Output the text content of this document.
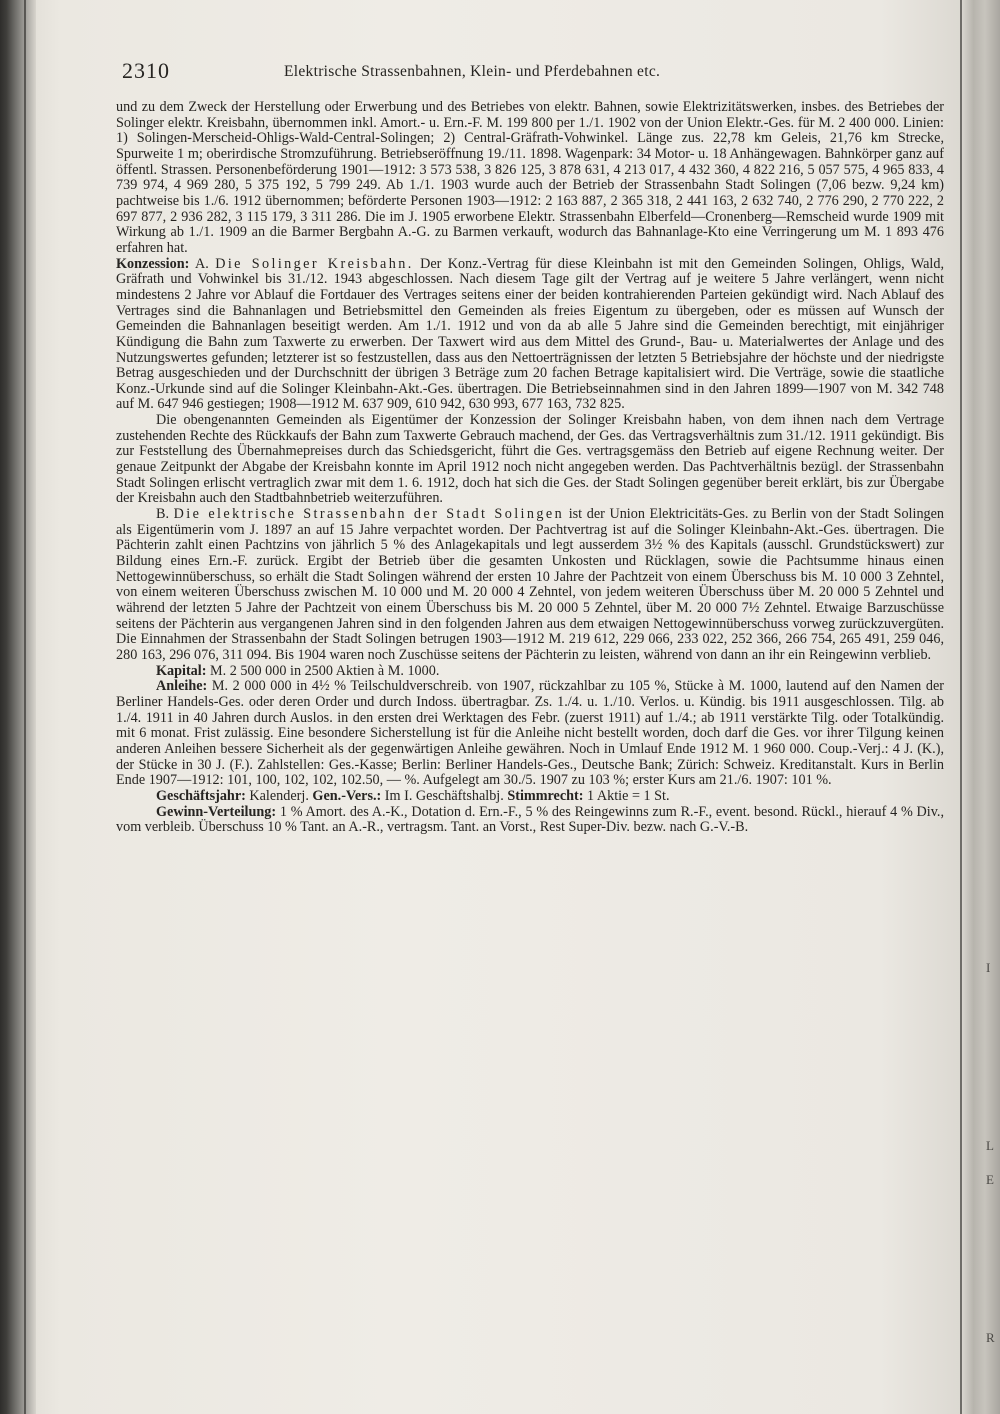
I
L
E
R
2310	Elektrische Strassenbahnen, Klein- und Pferdebahnen etc.

und zu dem Zweck der Herstellung oder Erwerbung und des Betriebes von elektr. Bahnen, sowie Elektrizitätswerken, insbes. des Betriebes der Solinger elektr. Kreisbahn, übernommen inkl. Amort.- u. Ern.-F. M. 199 800 per 1./1. 1902 von der Union Elektr.-Ges. für M. 2 400 000. Linien: 1) Solingen-Merscheid-Ohligs-Wald-Central-Solingen; 2) Central-Gräfrath-Vohwinkel. Länge zus. 22,78 km Geleis, 21,76 km Strecke, Spurweite 1 m; oberirdische Stromzuführung. Betriebseröffnung 19./11. 1898. Wagenpark: 34 Motor- u. 18 Anhängewagen. Bahnkörper ganz auf öffentl. Strassen. Personenbeförderung 1901—1912: 3 573 538, 3 826 125, 3 878 631, 4 213 017, 4 432 360, 4 822 216, 5 057 575, 4 965 833, 4 739 974, 4 969 280, 5 375 192, 5 799 249. Ab 1./1. 1903 wurde auch der Betrieb der Strassenbahn Stadt Solingen (7,06 bezw. 9,24 km) pachtweise bis 1./6. 1912 übernommen; beförderte Personen 1903—1912: 2 163 887, 2 365 318, 2 441 163, 2 632 740, 2 776 290, 2 770 222, 2 697 877, 2 936 282, 3 115 179, 3 311 286. Die im J. 1905 erworbene Elektr. Strassenbahn Elberfeld—Cronenberg—Remscheid wurde 1909 mit Wirkung ab 1./1. 1909 an die Barmer Bergbahn A.-G. zu Barmen verkauft, wodurch das Bahnanlage-Kto eine Verringerung um M. 1 893 476 erfahren hat.

Konzession: A. Die Solinger Kreisbahn. Der Konz.-Vertrag für diese Kleinbahn ist mit den Gemeinden Solingen, Ohligs, Wald, Gräfrath und Vohwinkel bis 31./12. 1943 abgeschlossen. Nach diesem Tage gilt der Vertrag auf je weitere 5 Jahre verlängert, wenn nicht mindestens 2 Jahre vor Ablauf die Fortdauer des Vertrages seitens einer der beiden kontrahierenden Parteien gekündigt wird. Nach Ablauf des Vertrages sind die Bahnanlagen und Betriebsmittel den Gemeinden als freies Eigentum zu übergeben, oder es müssen auf Wunsch der Gemeinden die Bahnanlagen beseitigt werden. Am 1./1. 1912 und von da ab alle 5 Jahre sind die Gemeinden berechtigt, mit einjähriger Kündigung die Bahn zum Taxwerte zu erwerben. Der Taxwert wird aus dem Mittel des Grund-, Bau- u. Materialwertes der Anlage und des Nutzungswertes gefunden; letzterer ist so festzustellen, dass aus den Nettoerträgnissen der letzten 5 Betriebsjahre der höchste und der niedrigste Betrag ausgeschieden und der Durchschnitt der übrigen 3 Beträge zum 20 fachen Betrage kapitalisiert wird. Die Verträge, sowie die staatliche Konz.-Urkunde sind auf die Solinger Kleinbahn-Akt.-Ges. übertragen. Die Betriebseinnahmen sind in den Jahren 1899—1907 von M. 342 748 auf M. 647 946 gestiegen; 1908—1912 M. 637 909, 610 942, 630 993, 677 163, 732 825.

Die obengenannten Gemeinden als Eigentümer der Konzession der Solinger Kreisbahn haben, von dem ihnen nach dem Vertrage zustehenden Rechte des Rückkaufs der Bahn zum Taxwerte Gebrauch machend, der Ges. das Vertragsverhältnis zum 31./12. 1911 gekündigt. Bis zur Feststellung des Übernahmepreises durch das Schiedsgericht, führt die Ges. vertragsgemäss den Betrieb auf eigene Rechnung weiter. Der genaue Zeitpunkt der Abgabe der Kreisbahn konnte im April 1912 noch nicht angegeben werden. Das Pachtverhältnis bezügl. der Strassenbahn Stadt Solingen erlischt vertraglich zwar mit dem 1. 6. 1912, doch hat sich die Ges. der Stadt Solingen gegenüber bereit erklärt, bis zur Übergabe der Kreisbahn auch den Stadtbahnbetrieb weiterzuführen.

B. Die elektrische Strassenbahn der Stadt Solingen ist der Union Elektricitäts-Ges. zu Berlin von der Stadt Solingen als Eigentümerin vom J. 1897 an auf 15 Jahre verpachtet worden. Der Pachtvertrag ist auf die Solinger Kleinbahn-Akt.-Ges. übertragen. Die Pächterin zahlt einen Pachtzins von jährlich 5 % des Anlagekapitals und legt ausserdem 3½ % des Kapitals (ausschl. Grundstückswert) zur Bildung eines Ern.-F. zurück. Ergibt der Betrieb über die gesamten Unkosten und Rücklagen, sowie die Pachtsumme hinaus einen Nettogewinnüberschuss, so erhält die Stadt Solingen während der ersten 10 Jahre der Pachtzeit von einem Überschuss bis M. 10 000 3 Zehntel, von einem weiteren Überschuss zwischen M. 10 000 und M. 20 000 4 Zehntel, von jedem weiteren Überschuss über M. 20 000 5 Zehntel und während der letzten 5 Jahre der Pachtzeit von einem Überschuss bis M. 20 000 5 Zehntel, über M. 20 000 7½ Zehntel. Etwaige Barzuschüsse seitens der Pächterin aus vergangenen Jahren sind in den folgenden Jahren aus dem etwaigen Nettogewinnüberschuss vorweg zurückzuvergüten. Die Einnahmen der Strassenbahn der Stadt Solingen betrugen 1903—1912 M. 219 612, 229 066, 233 022, 252 366, 266 754, 265 491, 259 046, 280 163, 296 076, 311 094. Bis 1904 waren noch Zuschüsse seitens der Pächterin zu leisten, während von dann an ihr ein Reingewinn verblieb.

Kapital: M. 2 500 000 in 2500 Aktien à M. 1000.

Anleihe: M. 2 000 000 in 4½ % Teilschuldverschreib. von 1907, rückzahlbar zu 105 %, Stücke à M. 1000, lautend auf den Namen der Berliner Handels-Ges. oder deren Order und durch Indoss. übertragbar. Zs. 1./4. u. 1./10. Verlos. u. Kündig. bis 1911 ausgeschlossen. Tilg. ab 1./4. 1911 in 40 Jahren durch Auslos. in den ersten drei Werktagen des Febr. (zuerst 1911) auf 1./4.; ab 1911 verstärkte Tilg. oder Totalkündig. mit 6 monat. Frist zulässig. Eine besondere Sicherstellung ist für die Anleihe nicht bestellt worden, doch darf die Ges. vor ihrer Tilgung keinen anderen Anleihen bessere Sicherheit als der gegenwärtigen Anleihe gewähren. Noch in Umlauf Ende 1912 M. 1 960 000. Coup.-Verj.: 4 J. (K.), der Stücke in 30 J. (F.). Zahlstellen: Ges.-Kasse; Berlin: Berliner Handels-Ges., Deutsche Bank; Zürich: Schweiz. Kreditanstalt. Kurs in Berlin Ende 1907—1912: 101, 100, 102, 102, 102.50, — %. Aufgelegt am 30./5. 1907 zu 103 %; erster Kurs am 21./6. 1907: 101 %.

Geschäftsjahr: Kalenderj. Gen.-Vers.: Im I. Geschäftshalbj. Stimmrecht: 1 Aktie = 1 St.

Gewinn-Verteilung: 1 % Amort. des A.-K., Dotation d. Ern.-F., 5 % des Reingewinns zum R.-F., event. besond. Rückl., hierauf 4 % Div., vom verbleib. Überschuss 10 % Tant. an A.-R., vertragsm. Tant. an Vorst., Rest Super-Div. bezw. nach G.-V.-B.
